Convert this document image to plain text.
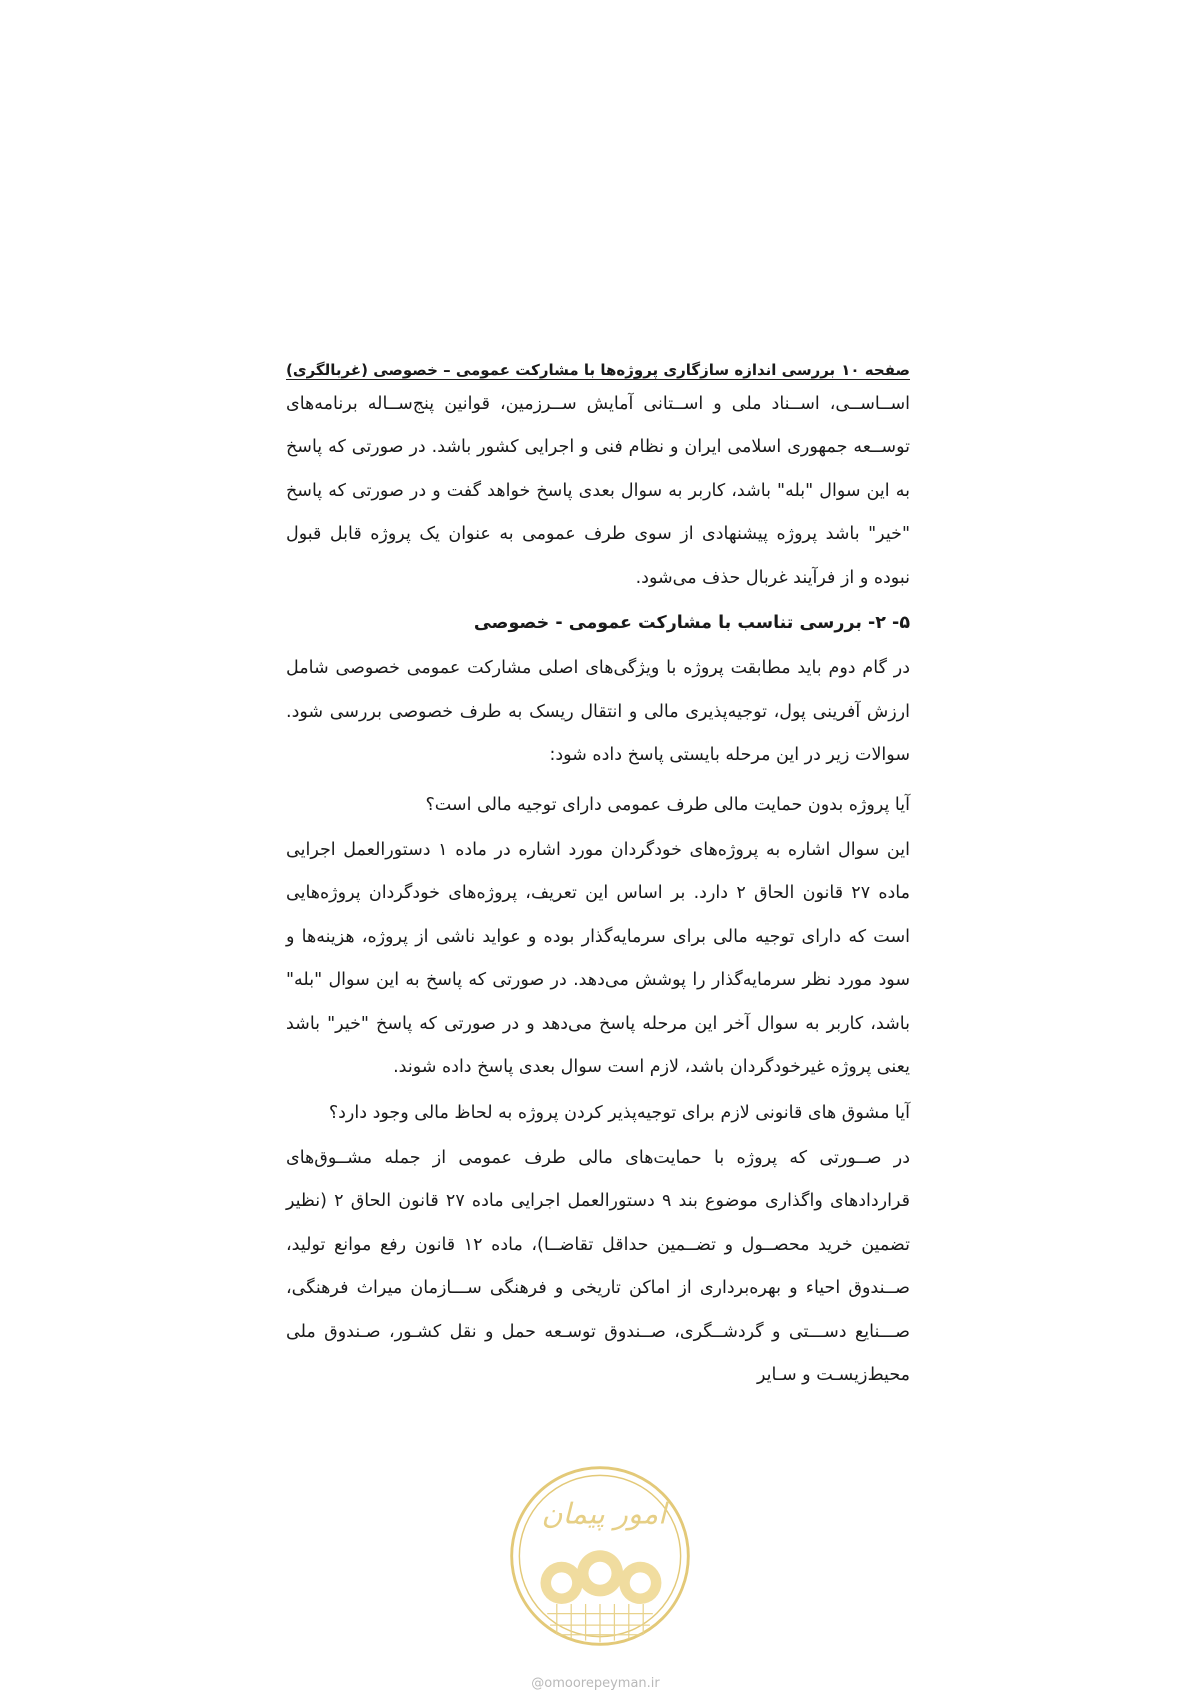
صفحه ۱۰
بررسی اندازه سازگاری پروژه‌ها با مشارکت عمومی – خصوصی (غربالگری)

اســاســی، اســناد ملی و اســتانی آمایش ســرزمین، قوانین پنج‌ســاله برنامه‌های توســعه جمهوری اسلامی ایران و نظام فنی و اجرایی کشور باشد. در صورتی که پاسخ به این سوال "بله" باشد، کاربر به سوال بعدی پاسخ خواهد گفت و در صورتی که پاسخ "خیر" باشد پروژه پیشنهادی از سوی طرف عمومی به عنوان یک پروژه قابل قبول نبوده و از فرآیند غربال حذف می‌شود.

۵- ۲- بررسی تناسب با مشارکت عمومی - خصوصی

در گام دوم باید مطابقت پروژه با ویژگی‌های اصلی مشارکت عمومی خصوصی شامل ارزش آفرینی پول، توجیه‌پذیری مالی و انتقال ریسک به طرف خصوصی بررسی شود. سوالات زیر در این مرحله بایستی پاسخ داده شود:

آیا پروژه بدون حمایت مالی طرف عمومی دارای توجیه مالی است؟

این سوال اشاره به پروژه‌های خودگردان مورد اشاره در ماده ۱ دستورالعمل اجرایی ماده ۲۷ قانون الحاق ۲ دارد. بر اساس این تعریف، پروژه‌های خودگردان پروژه‌هایی است که دارای توجیه مالی برای سرمایه‌گذار بوده و عواید ناشی از پروژه، هزینه‌ها و سود مورد نظر سرمایه‌گذار را پوشش می‌دهد. در صورتی که پاسخ به این سوال "بله" باشد، کاربر به سوال آخر این مرحله پاسخ می‌دهد و در صورتی که پاسخ "خیر" باشد یعنی پروژه غیرخودگردان باشد، لازم است سوال بعدی پاسخ داده شوند.

آیا مشوق های قانونی لازم برای توجیه‌پذیر کردن پروژه به لحاظ مالی وجود دارد؟

در صــورتی که پروژه با حمایت‌های مالی طرف عمومی از جمله مشــوق‌های قراردادهای واگذاری موضوع بند ۹ دستورالعمل اجرایی ماده ۲۷ قانون الحاق ۲ (نظیر تضمین خرید محصــول و تضــمین حداقل تقاضــا)، ماده ۱۲ قانون رفع موانع تولید، صــندوق احیاء و بهره‌برداری از اماکن تاریخی و فرهنگی ســـازمان میراث فرهنگی، صـــنایع دســـتی و گردشــگری، صــندوق توسـعه حمل و نقل کشـور، صـندوق ملی محیط‌زیسـت و سـایر

امور پیمان
@omoorepeyman.ir
